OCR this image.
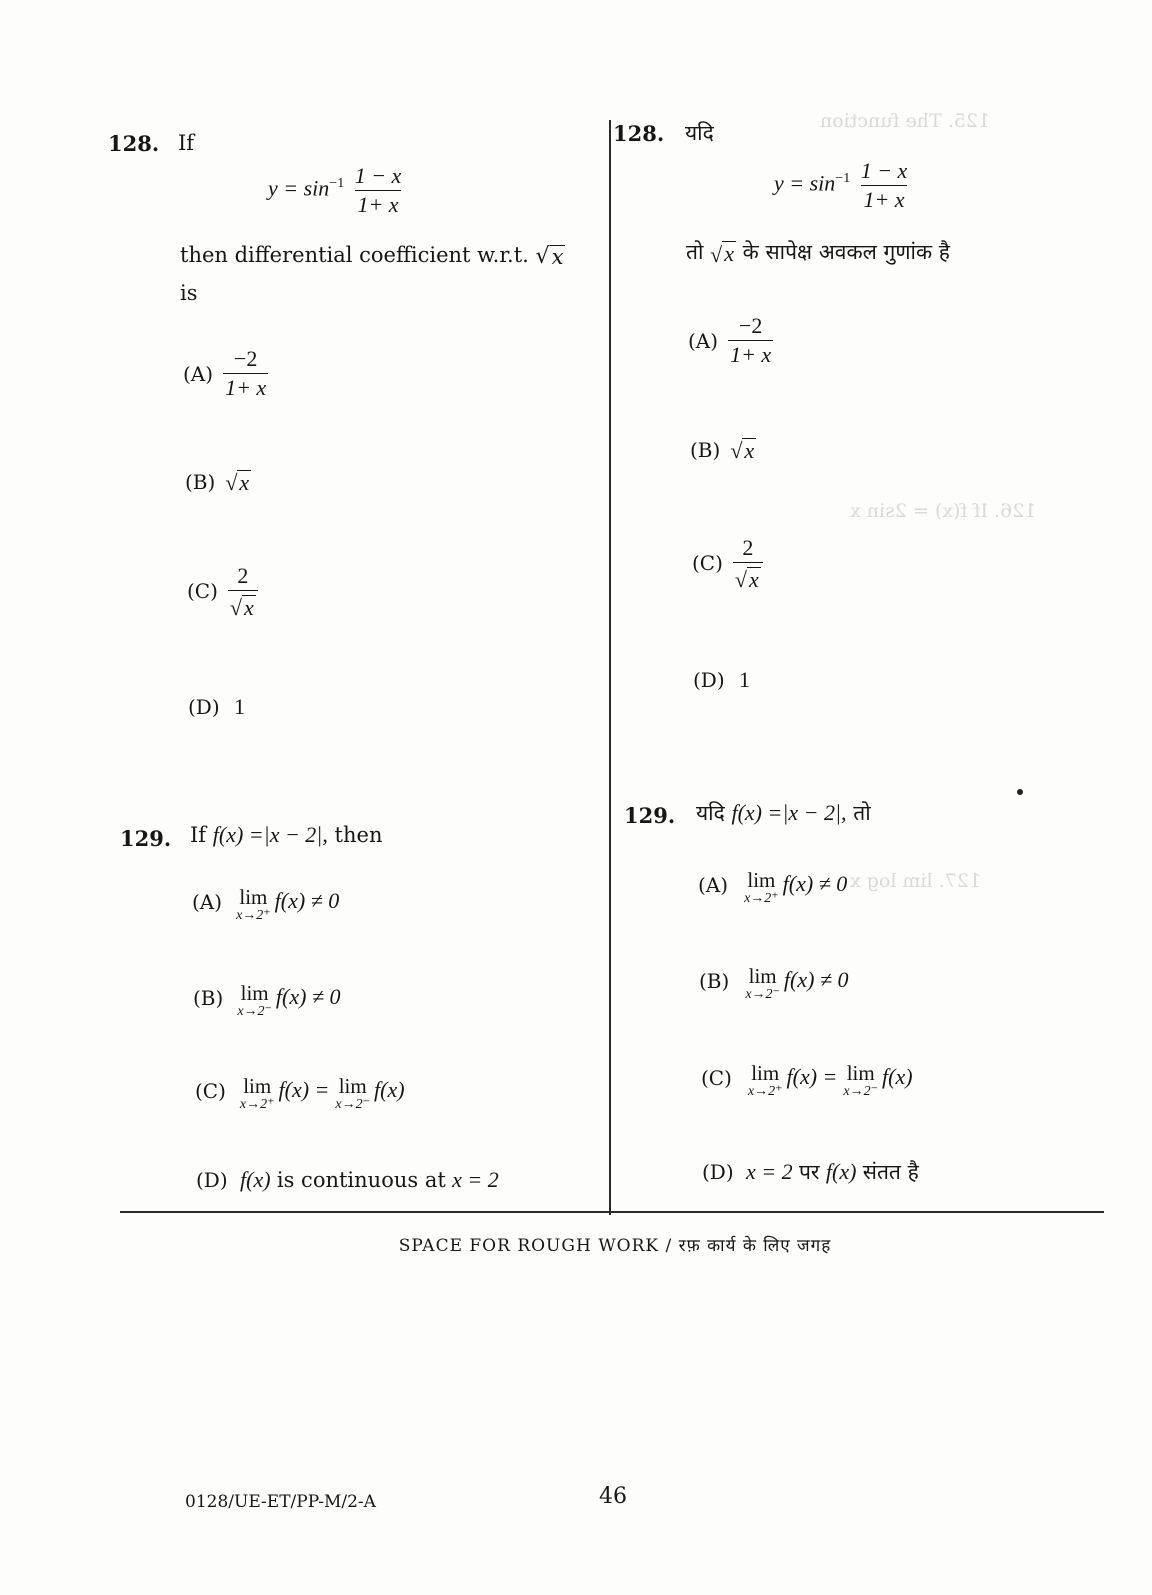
125. The function
126. If f(x) = 2sin x
127. lim log x
128. If
$y = \sin^{-1} \frac{1 - x}{1+ x}$
then differential coefficient w.r.t. √ x
is
$(A) \frac{-2}{1+ x}$
(B) √ x
$(C) \frac{2}{√ x}$
(D) 1
129. If f(x) =|x − 2|, then
(A) lim
x→2⁺
f(x) ≠ 0
(B) lim
x→2⁻
f(x) ≠ 0
(C) lim
x→2⁺
f(x) = lim
x→2⁻
f(x)
(D) f(x) is continuous at x = 2
128. यदि
$y = \sin^{-1} \frac{1 - x}{1+ x}$
तो √ x के सापेक्ष अवकल गुणांक है
$(A) \frac{-2}{1+ x}$
(B) √ x
$(C) \frac{2}{√ x}$
(D) 1
129. यदि f(x) =|x − 2|, तो
(A) lim
x→2⁺
f(x) ≠ 0
(B) lim
x→2⁻
f(x) ≠ 0
(C) lim
x→2⁺
f(x) = lim
x→2⁻
f(x)
(D) x = 2 पर f(x) संतत है
SPACE FOR ROUGH WORK / रफ़ कार्य के लिए जगह
0128/UE-ET/PP-M/2-A	46
